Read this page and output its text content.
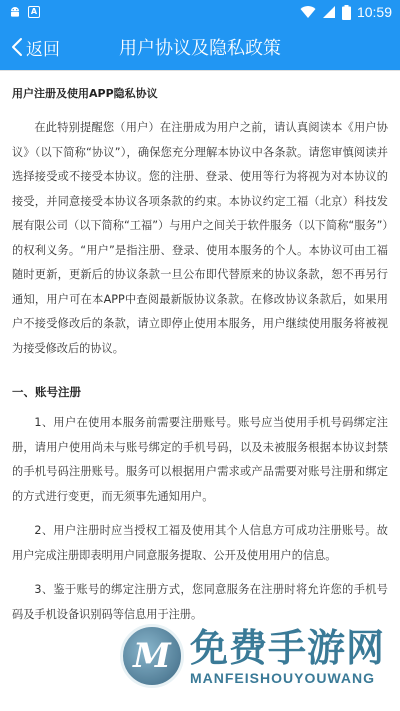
A	10:59
返回	用户协议及隐私政策
用户注册及使用APP隐私协议

在此特别提醒您（用户）在注册成为用户之前，请认真阅读本《用户协议》（以下简称“协议”），确保您充分理解本协议中各条款。请您审慎阅读并选择接受或不接受本协议。您的注册、登录、使用等行为将视为对本协议的接受，并同意接受本协议各项条款的约束。本协议约定工福（北京）科技发展有限公司（以下简称“工福”）与用户之间关于软件服务（以下简称“服务”）的权利义务。“用户”是指注册、登录、使用本服务的个人。本协议可由工福随时更新，更新后的协议条款一旦公布即代替原来的协议条款，恕不再另行通知，用户可在本APP中查阅最新版协议条款。在修改协议条款后，如果用户不接受修改后的条款，请立即停止使用本服务，用户继续使用服务将被视为接受修改后的协议。

一、账号注册

1、用户在使用本服务前需要注册账号。账号应当使用手机号码绑定注册，请用户使用尚未与账号绑定的手机号码，以及未被服务根据本协议封禁的手机号码注册账号。服务可以根据用户需求或产品需要对账号注册和绑定的方式进行变更，而无须事先通知用户。

2、用户注册时应当授权工福及使用其个人信息方可成功注册账号。故用户完成注册即表明用户同意服务提取、公开及使用用户的信息。

3、鉴于账号的绑定注册方式，您同意服务在注册时将允许您的手机号码及手机设备识别码等信息用于注册。

M 免费手游网
MANFEISHOUYOUWANG
